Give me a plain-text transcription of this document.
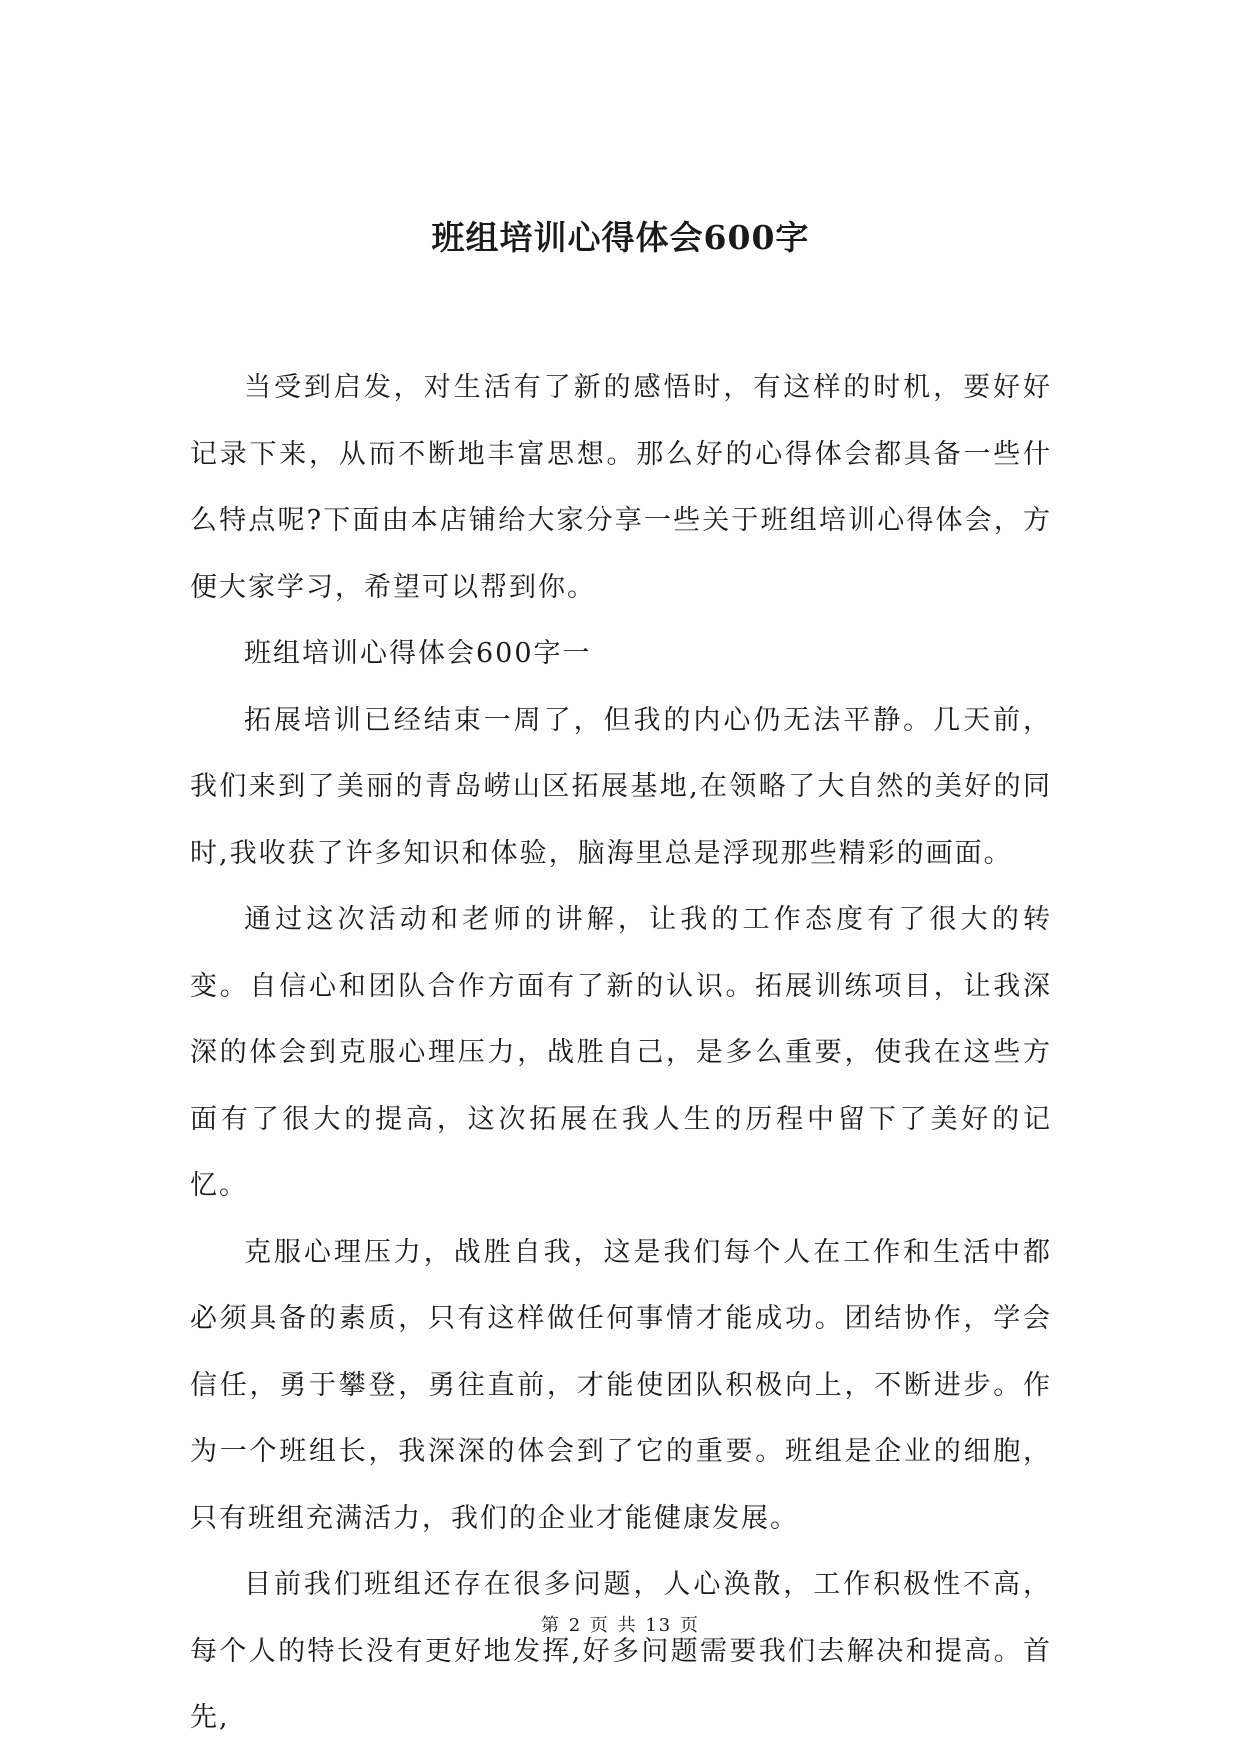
班组培训心得体会600字

当受到启发，对生活有了新的感悟时，有这样的时机，要好好记录下来，从而不断地丰富思想。那么好的心得体会都具备一些什么特点呢?下面由本店铺给大家分享一些关于班组培训心得体会，方便大家学习，希望可以帮到你。

班组培训心得体会600字一

拓展培训已经结束一周了，但我的内心仍无法平静。几天前，我们来到了美丽的青岛崂山区拓展基地,在领略了大自然的美好的同时,我收获了许多知识和体验，脑海里总是浮现那些精彩的画面。

通过这次活动和老师的讲解，让我的工作态度有了很大的转变。自信心和团队合作方面有了新的认识。拓展训练项目，让我深深的体会到克服心理压力，战胜自己，是多么重要，使我在这些方面有了很大的提高，这次拓展在我人生的历程中留下了美好的记忆。

克服心理压力，战胜自我，这是我们每个人在工作和生活中都必须具备的素质，只有这样做任何事情才能成功。团结协作，学会信任，勇于攀登，勇往直前，才能使团队积极向上，不断进步。作为一个班组长，我深深的体会到了它的重要。班组是企业的细胞，只有班组充满活力，我们的企业才能健康发展。

目前我们班组还存在很多问题，人心涣散，工作积极性不高，每个人的特长没有更好地发挥,好多问题需要我们去解决和提高。首先,

第 2 页 共 13 页
